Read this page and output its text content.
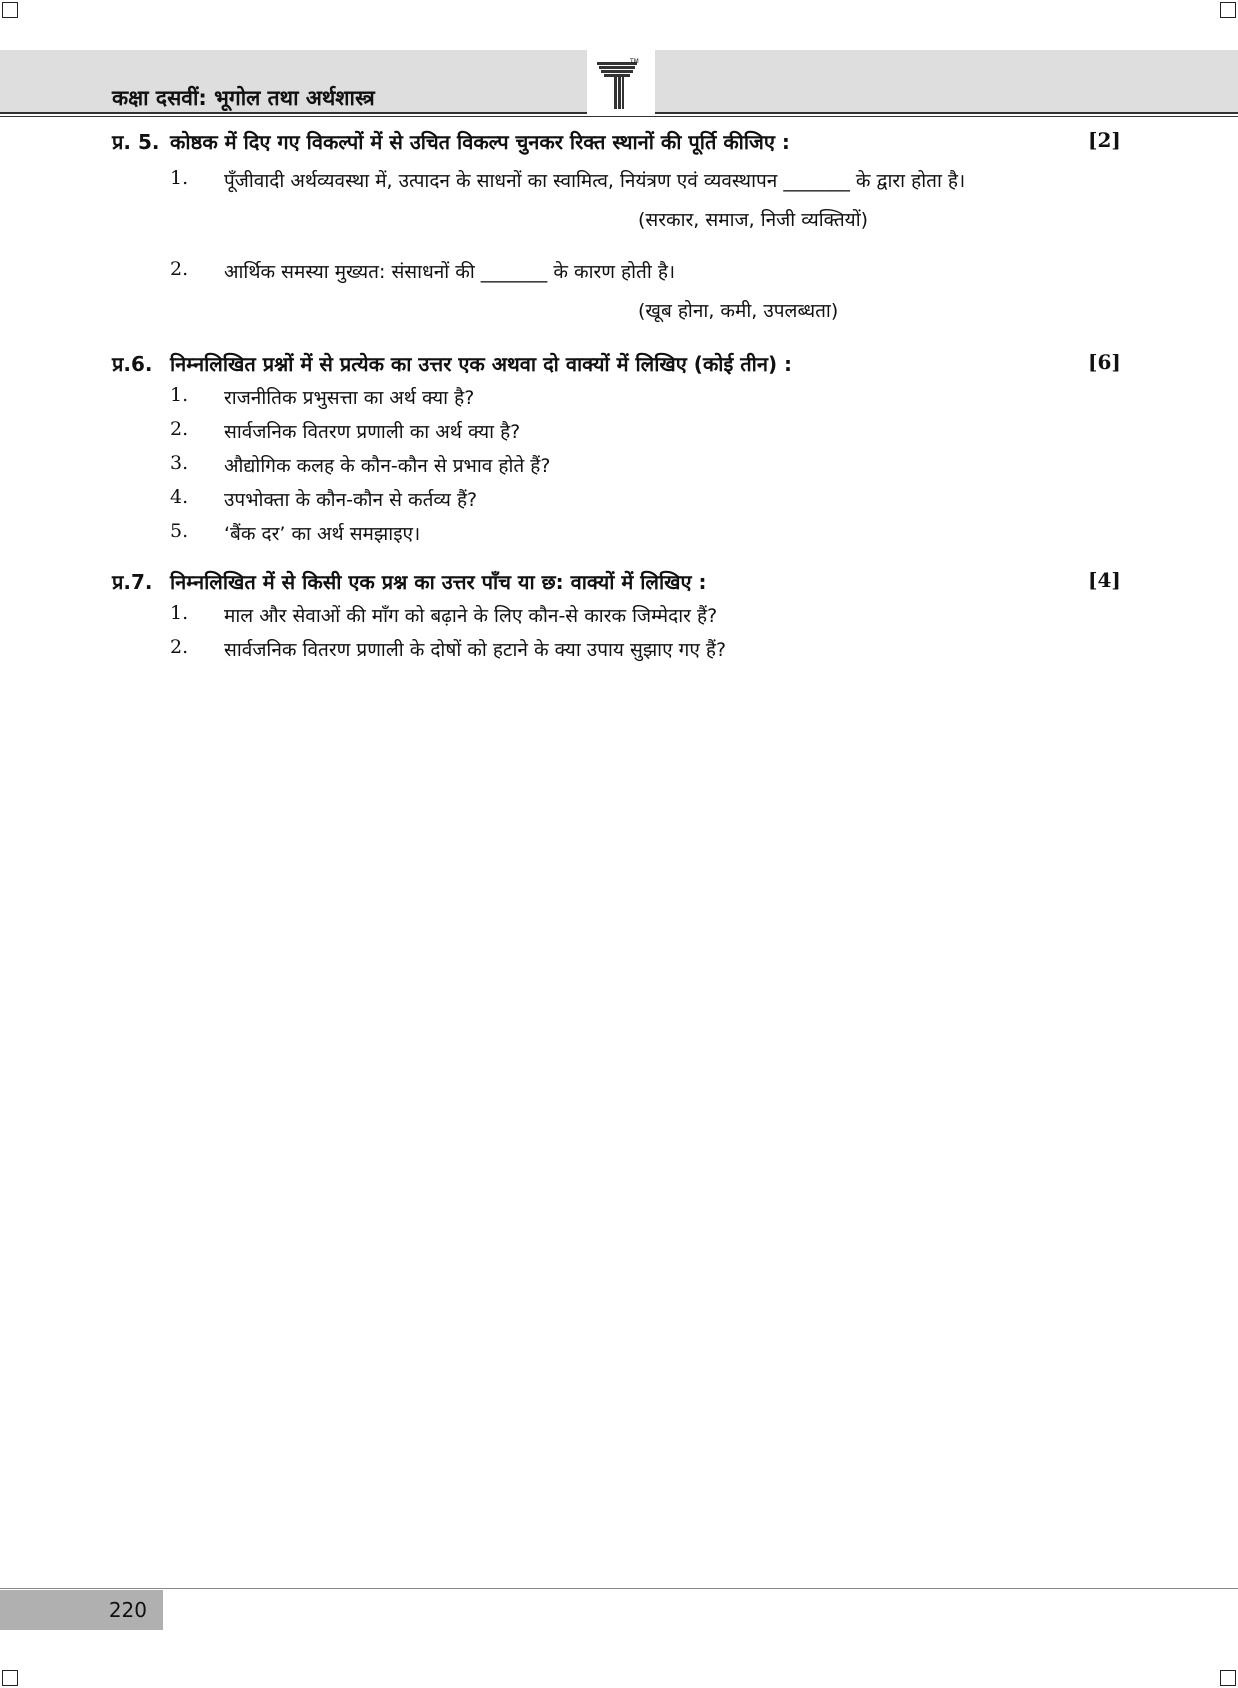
कक्षा दसवीं: भूगोल तथा अर्थशास्त्र
TM
प्र. 5. कोष्ठक में दिए गए विकल्पों में से उचित विकल्प चुनकर रिक्त स्थानों की पूर्ति कीजिए :	[2]
1. पूँजीवादी अर्थव्यवस्था में, उत्पादन के साधनों का स्वामित्व, नियंत्रण एवं व्यवस्थापन _______ के द्वारा होता है।
(सरकार, समाज, निजी व्यक्तियों)
2. आर्थिक समस्या मुख्यत: संसाधनों की _______ के कारण होती है।
(खूब होना, कमी, उपलब्धता)
प्र.6. निम्नलिखित प्रश्नों में से प्रत्येक का उत्तर एक अथवा दो वाक्यों में लिखिए (कोई तीन) :	[6]
1. राजनीतिक प्रभुसत्ता का अर्थ क्या है?
2. सार्वजनिक वितरण प्रणाली का अर्थ क्या है?
3. औद्योगिक कलह के कौन-कौन से प्रभाव होते हैं?
4. उपभोक्ता के कौन-कौन से कर्तव्य हैं?
5. ‘बैंक दर’ का अर्थ समझाइए।
प्र.7. निम्नलिखित में से किसी एक प्रश्न का उत्तर पाँच या छ: वाक्यों में लिखिए :	[4]
1. माल और सेवाओं की माँग को बढ़ाने के लिए कौन-से कारक जिम्मेदार हैं?
2. सार्वजनिक वितरण प्रणाली के दोषों को हटाने के क्या उपाय सुझाए गए हैं?
220
